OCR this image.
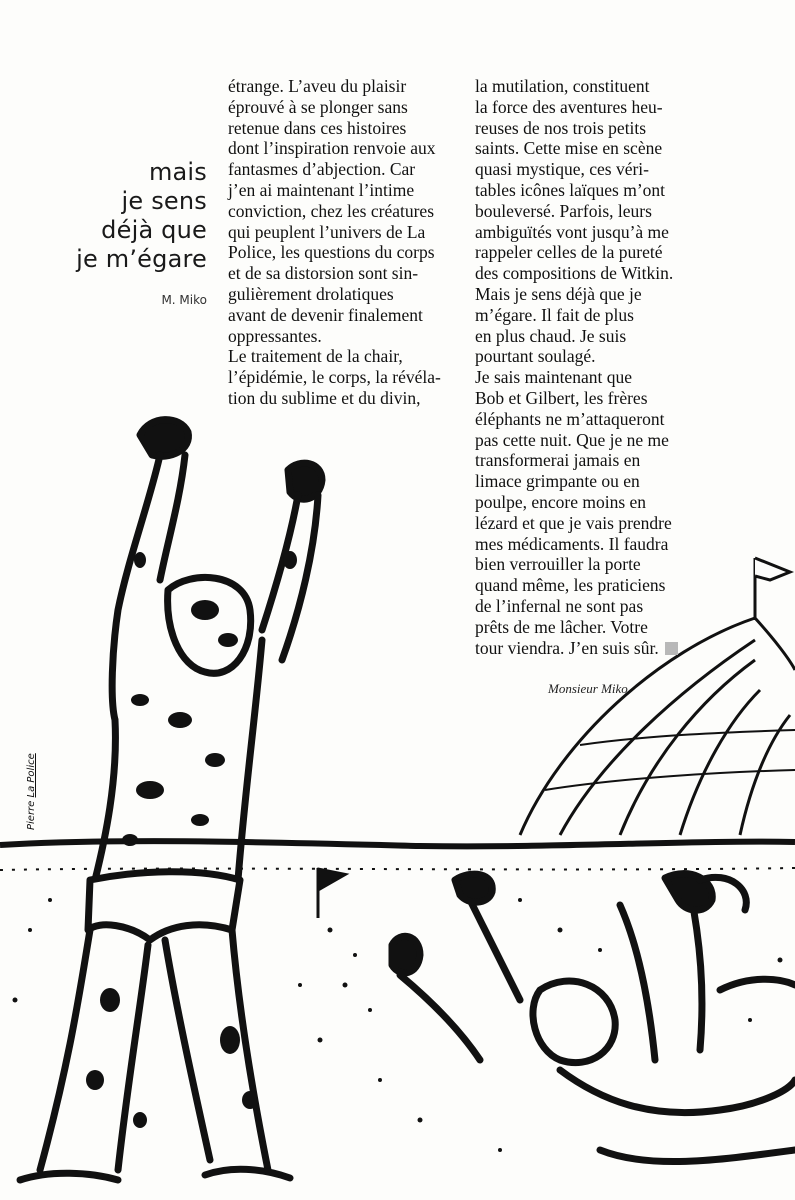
mais
je sens
déjà que
je m’égare
M. Miko
étrange. L’aveu du plaisir
éprouvé à se plonger sans
retenue dans ces histoires
dont l’inspiration renvoie aux
fantasmes d’abjection. Car
j’en ai maintenant l’intime
conviction, chez les créatures
qui peuplent l’univers de La
Police, les questions du corps
et de sa distorsion sont sin-
gulièrement drolatiques
avant de devenir finalement
oppressantes.
Le traitement de la chair,
l’épidémie, le corps, la révéla-
tion du sublime et du divin,
la mutilation, constituent
la force des aventures heu-
reuses de nos trois petits
saints. Cette mise en scène
quasi mystique, ces véri-
tables icônes laïques m’ont
bouleversé. Parfois, leurs
ambiguïtés vont jusqu’à me
rappeler celles de la pureté
des compositions de Witkin.
Mais je sens déjà que je
m’égare. Il fait de plus
en plus chaud. Je suis
pourtant soulagé.
Je sais maintenant que
Bob et Gilbert, les frères
éléphants ne m’attaqueront
pas cette nuit. Que je ne me
transformerai jamais en
limace grimpante ou en
poulpe, encore moins en
lézard et que je vais prendre
mes médicaments. Il faudra
bien verrouiller la porte
quand même, les praticiens
de l’infernal ne sont pas
prêts de me lâcher. Votre
tour viendra. J’en suis sûr.
Monsieur Miko
Pierre La Police
